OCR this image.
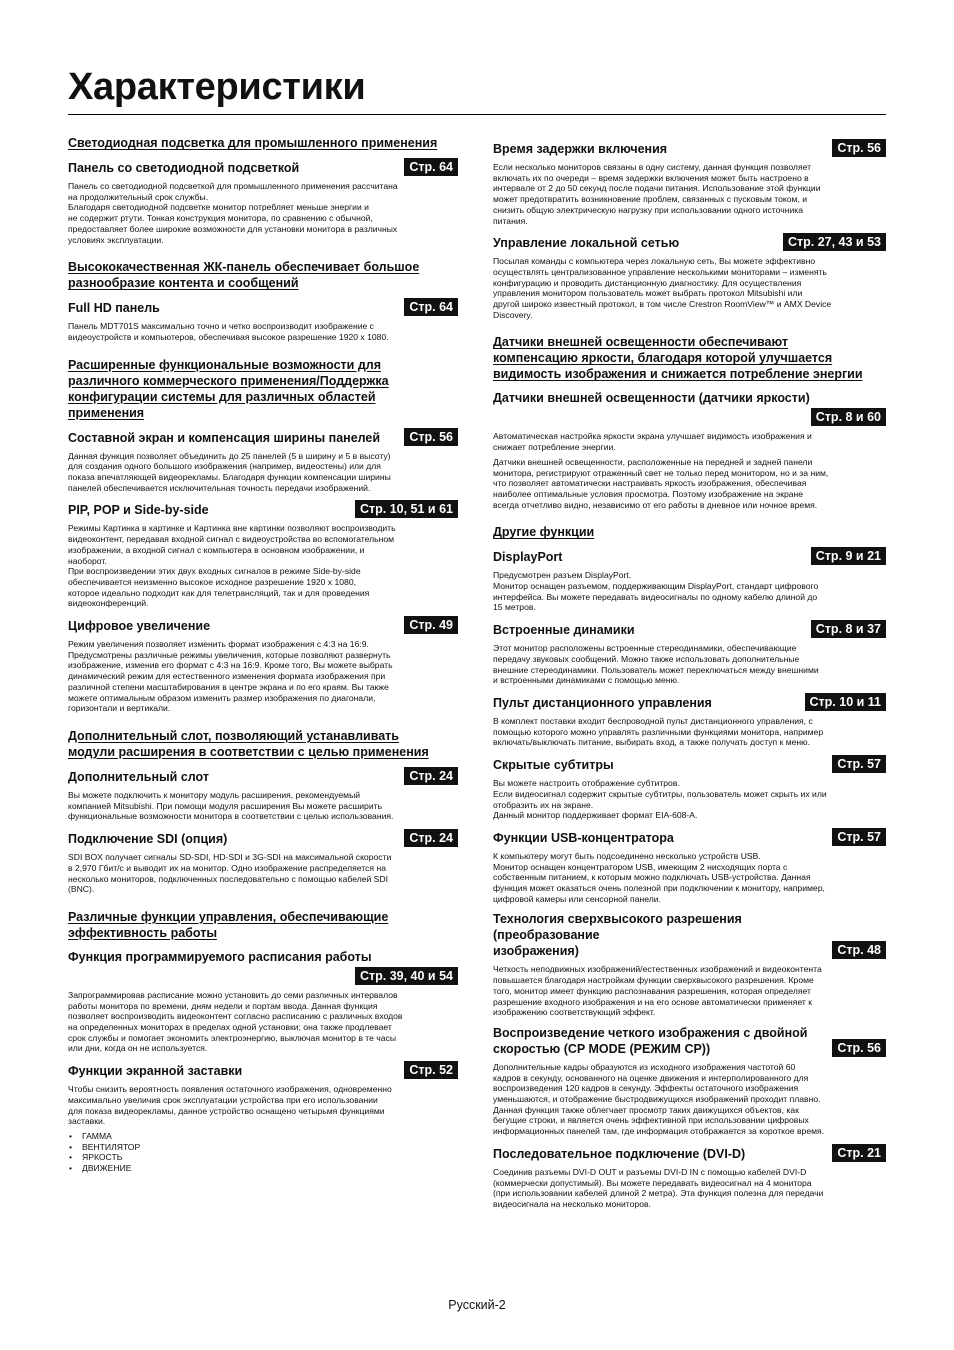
Характеристики
Светодиодная подсветка для промышленного применения
Панель со светодиодной подсветкой	Стр. 64

Панель со светодиодной подсветкой для промышленного применения рассчитана
на продолжительный срок службы.
Благодаря светодиодной подсветке монитор потребляет меньше энергии и
не содержит ртути. Тонкая конструкция монитора, по сравнению с обычной,
предоставляет более широкие возможности для установки монитора в различных
условиях эксплуатации.

Высококачественная ЖК-панель обеспечивает большое
разнообразие контента и сообщений
Full HD панель	Стр. 64

Панель MDT701S максимально точно и четко воспроизводит изображение с
видеоустройств и компьютеров, обеспечивая высокое разрешение 1920 x 1080.

Расширенные функциональные возможности для
различного коммерческого применения/Поддержка
конфигурации системы для различных областей
применения
Составной экран и компенсация ширины панелей	Стр. 56

Данная функция позволяет объединить до 25 панелей (5 в ширину и 5 в высоту)
для создания одного большого изображения (например, видеостены) или для
показа впечатляющей видеорекламы. Благодаря функции компенсации ширины
панелей обеспечивается исключительная точность передачи изображений.

PIP, POP и Side-by-side	Стр. 10, 51 и 61

Режимы Картинка в картинке и Картинка вне картинки позволяют воспроизводить
видеоконтент, передавая входной сигнал с видеоустройства во вспомогательном
изображении, а входной сигнал с компьютера в основном изображении, и
наоборот.
При воспроизведении этих двух входных сигналов в режиме Side-by-side
обеспечивается неизменно высокое исходное разрешение 1920 x 1080,
которое идеально подходит как для телетрансляций, так и для проведения
видеоконференций.

Цифровое увеличение	Стр. 49

Режим увеличения позволяет изменить формат изображения с 4:3 на 16:9.
Предусмотрены различные режимы увеличения, которые позволяют развернуть
изображение, изменив его формат с 4:3 на 16:9. Кроме того, Вы можете выбрать
динамический режим для естественного изменения формата изображения при
различной степени масштабирования в центре экрана и по его краям. Вы также
можете оптимальным образом изменить размер изображения по диагонали,
горизонтали и вертикали.

Дополнительный слот, позволяющий устанавливать
модули расширения в соответствии с целью применения
Дополнительный слот	Стр. 24

Вы можете подключить к монитору модуль расширения, рекомендуемый
компанией Mitsubishi. При помощи модуля расширения Вы можете расширить
функциональные возможности монитора в соответствии с целью использования.

Подключение SDI (опция)	Стр. 24

SDI BOX получает сигналы SD-SDI, HD-SDI и 3G-SDI на максимальной скорости
в 2,970 Гбит/с и выводит их на монитор. Одно изображение распределяется на
несколько мониторов, подключенных последовательно с помощью кабелей SDI
(BNC).

Различные функции управления, обеспечивающие
эффективность работы
Функция программируемого расписания работы

Стр. 39, 40 и 54

Запрограммировав расписание можно установить до семи различных интервалов
работы монитора по времени, дням недели и портам ввода. Данная функция
позволяет воспроизводить видеоконтент согласно расписанию с различных входов
на определенных мониторах в пределах одной установки; она также продлевает
срок службы и помогает экономить электроэнергию, выключая монитор в те часы
или дни, когда он не используется.

Функции экранной заставки	Стр. 52

Чтобы снизить вероятность появления остаточного изображения, одновременно
максимально увеличив срок эксплуатации устройства при его использовании
для показа видеорекламы, данное устройство оснащено четырьмя функциями
заставки.

• ГАММА
• ВЕНТИЛЯТОР
• ЯРКОСТЬ
• ДВИЖЕНИЕ
Время задержки включения	Стр. 56

Если несколько мониторов связаны в одну систему, данная функция позволяет
включать их по очереди – время задержки включения может быть настроено в
интервале от 2 до 50 секунд после подачи питания. Использование этой функции
может предотвратить возникновение проблем, связанных с пусковым током, и
снизить общую электрическую нагрузку при использовании одного источника
питания.

Управление локальной сетью	Стр. 27, 43 и 53

Посылая команды с компьютера через локальную сеть, Вы можете эффективно
осуществлять централизованное управление несколькими мониторами – изменять
конфигурацию и проводить дистанционную диагностику. Для осуществления
управления монитором пользователь может выбрать протокол Mitsubishi или
другой широко известный протокол, в том числе Crestron RoomView™ и AMX Device
Discovery.

Датчики внешней освещенности обеспечивают
компенсацию яркости, благодаря которой улучшается
видимость изображения и снижается потребление энергии
Датчики внешней освещенности (датчики яркости)

Стр. 8 и 60

Автоматическая настройка яркости экрана улучшает видимость изображения и
снижает потребление энергии.

Датчики внешней освещенности, расположенные на передней и задней панели
монитора, регистрируют отраженный свет не только перед монитором, но и за ним,
что позволяет автоматически настраивать яркость изображения, обеспечивая
наиболее оптимальные условия просмотра. Поэтому изображение на экране
всегда отчетливо видно, независимо от его работы в дневное или ночное время.

Другие функции
DisplayPort	Стр. 9 и 21

Предусмотрен разъем DisplayPort.
Монитор оснащен разъемом, поддерживающим DisplayPort, стандарт цифрового
интерфейса. Вы можете передавать видеосигналы по одному кабелю длиной до
15 метров.

Встроенные динамики	Стр. 8 и 37

Этот монитор расположены встроенные стереодинамики, обеспечивающие
передачу звуковых сообщений. Можно также использовать дополнительные
внешние стереодинамики. Пользователь может переключаться между внешними
и встроенными динамиками с помощью меню.

Пульт дистанционного управления	Стр. 10 и 11

В комплект поставки входит беспроводной пульт дистанционного управления, с
помощью которого можно управлять различными функциями монитора, например
включать/выключать питание, выбирать вход, а также получать доступ к меню.

Скрытые субтитры	Стр. 57

Вы можете настроить отображение субтитров.
Если видеосигнал содержит скрытые субтитры, пользователь может скрыть их или
отобразить их на экране.
Данный монитор поддерживает формат EIA-608-A.

Функции USB-концентратора	Стр. 57

К компьютеру могут быть подсоединено несколько устройств USB.
Монитор оснащен концентратором USB, имеющим 2 нисходящих порта с
собственным питанием, к которым можно подключать USB-устройства. Данная
функция может оказаться очень полезной при подключении к монитору, например,
цифровой камеры или сенсорной панели.

Технология сверхвысокого разрешения (преобразование
изображения)	Стр. 48

Четкость неподвижных изображений/естественных изображений и видеоконтента
повышается благодаря настройкам функции сверхвысокого разрешения. Кроме
того, монитор имеет функцию распознавания разрешения, которая определяет
разрешение входного изображения и на его основе автоматически применяет к
изображению соответствующий эффект.

Воспроизведение четкого изображения с двойной
скоростью (CP MODE (РЕЖИМ CP))	Стр. 56

Дополнительные кадры образуются из исходного изображения частотой 60
кадров в секунду, основанного на оценке движения и интерполированного для
воспроизведения 120 кадров в секунду. Эффекты остаточного изображения
уменьшаются, и отображение быстродвижущихся изображений проходит плавно.
Данная функция также облегчает просмотр таких движущихся объектов, как
бегущие строки, и является очень эффективной при использовании цифровых
информационных панелей там, где информация отображается за короткое время.

Последовательное подключение (DVI-D)	Стр. 21

Соединив разъемы DVI-D OUT и разъемы DVI-D IN с помощью кабелей DVI-D
(коммерчески допустимый). Вы можете передавать видеосигнал на 4 монитора
(при использовании кабелей длиной 2 метра). Эта функция полезна для передачи
видеосигнала на несколько мониторов.

Русский-2
